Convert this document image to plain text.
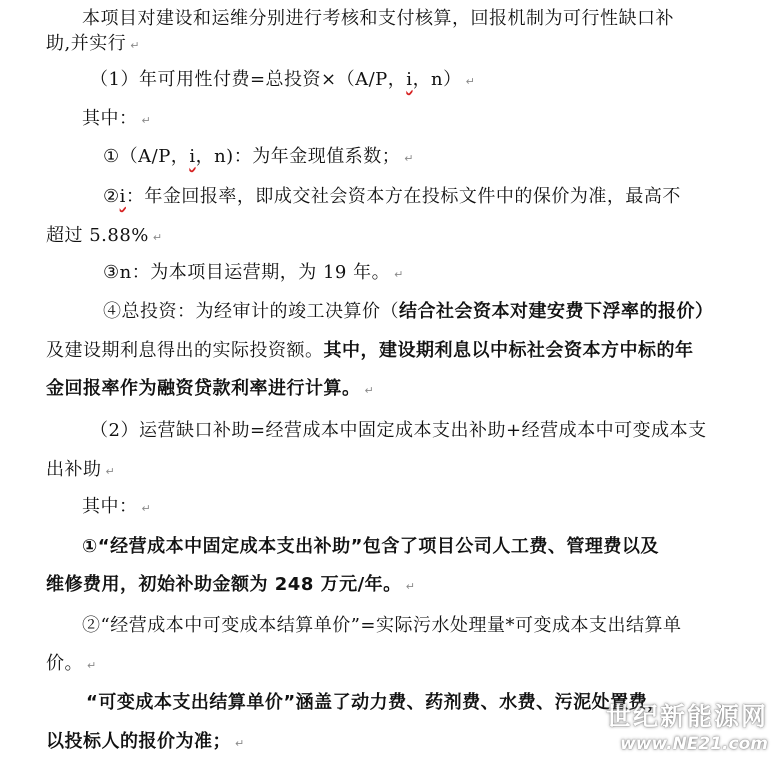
本项目对建设和运维分别进行考核和支付核算，回报机制为可行性缺口补
助,并实行 ↵
（1）年可用性付费=总投资×（A/P，i，n） ↵
其中： ↵
①（A/P，i，n)：为年金现值系数； ↵
②i：年金回报率，即成交社会资本方在投标文件中的保价为准，最高不
超过 5.88% ↵
③n：为本项目运营期，为 19 年。 ↵
④总投资：为经审计的竣工决算价（结合社会资本对建安费下浮率的报价）
及建设期利息得出的实际投资额。其中，建设期利息以中标社会资本方中标的年
金回报率作为融资贷款利率进行计算。 ↵
（2）运营缺口补助=经营成本中固定成本支出补助+经营成本中可变成本支
出补助 ↵
其中： ↵
①“经营成本中固定成本支出补助”包含了项目公司人工费、管理费以及
维修费用，初始补助金额为 248 万元/年。 ↵
②“经营成本中可变成本结算单价”=实际污水处理量*可变成本支出结算单
价。 ↵
“可变成本支出结算单价”涵盖了动力费、药剂费、水费、污泥处置费，
以投标人的报价为准； ↵
世纪新能源网
www.NE21.com
